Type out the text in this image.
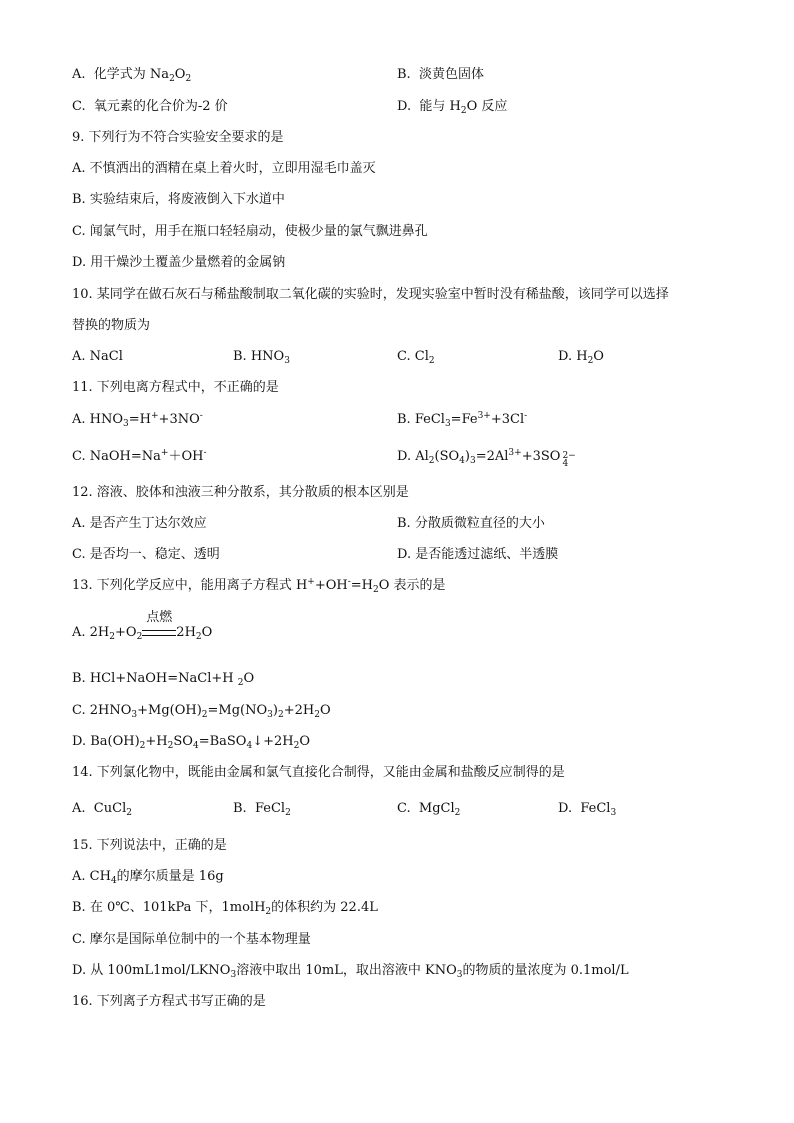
A. 化学式为 $Na_2O_2$	B. 淡黄色固体
C. 氧元素的化合价为-2 价	D. 能与 $H_2O$ 反应
9. 下列行为不符合实验安全要求的是
A. 不慎洒出的酒精在桌上着火时，立即用湿毛巾盖灭
B. 实验结束后，将废液倒入下水道中
C. 闻氯气时，用手在瓶口轻轻扇动，使极少量的氯气飘进鼻孔
D. 用干燥沙土覆盖少量燃着的金属钠
10. 某同学在做石灰石与稀盐酸制取二氧化碳的实验时，发现实验室中暂时没有稀盐酸，该同学可以选择
替换的物质为
A. NaCl	B. $HNO_3$	C. $Cl_2$	D. $H_2O$
11. 下列电离方程式中，不正确的是
A. $HNO_3=H^++3NO^-$	B. $FeCl_3=Fe^{3+}+3Cl^-$
C. NaOH=Na+＋OH-	D. $Al_2(SO_4)_3=2Al^{3+}+3SO$ 2−
4
12. 溶液、胶体和浊液三种分散系，其分散质的根本区别是
A. 是否产生丁达尔效应	B. 分散质微粒直径的大小
C. 是否均一、稳定、透明	D. 是否能透过滤纸、半透膜
13. 下列化学反应中，能用离子方程式 $H^++OH^-=H_2O$ 表示的是
A. $2H_2+O_2$
点燃
$2H_2O$
B. HCl+NaOH=NaCl+H $_2$O
C. $2HNO_3+Mg(OH)_2=Mg(NO_3)_2+2H_2O$
D. $Ba(OH)_2+H_2SO_4=BaSO_4↓+2H_2O$
14. 下列氯化物中，既能由金属和氯气直接化合制得，又能由金属和盐酸反应制得的是
A. CuCl$_2$	B. FeCl$_2$	C. MgCl$_2$	D. FeCl$_3$
15. 下列说法中，正确的是
A. $CH_4$的摩尔质量是 16g
B. 在 0℃、101kPa 下，1molH$_2$的体积约为 22.4L
C. 摩尔是国际单位制中的一个基本物理量
D. 从 $100mL1mol/LKNO_3$溶液中取出 10mL，取出溶液中 $KNO_3$的物质的量浓度为 0.1mol/L
16. 下列离子方程式书写正确的是
